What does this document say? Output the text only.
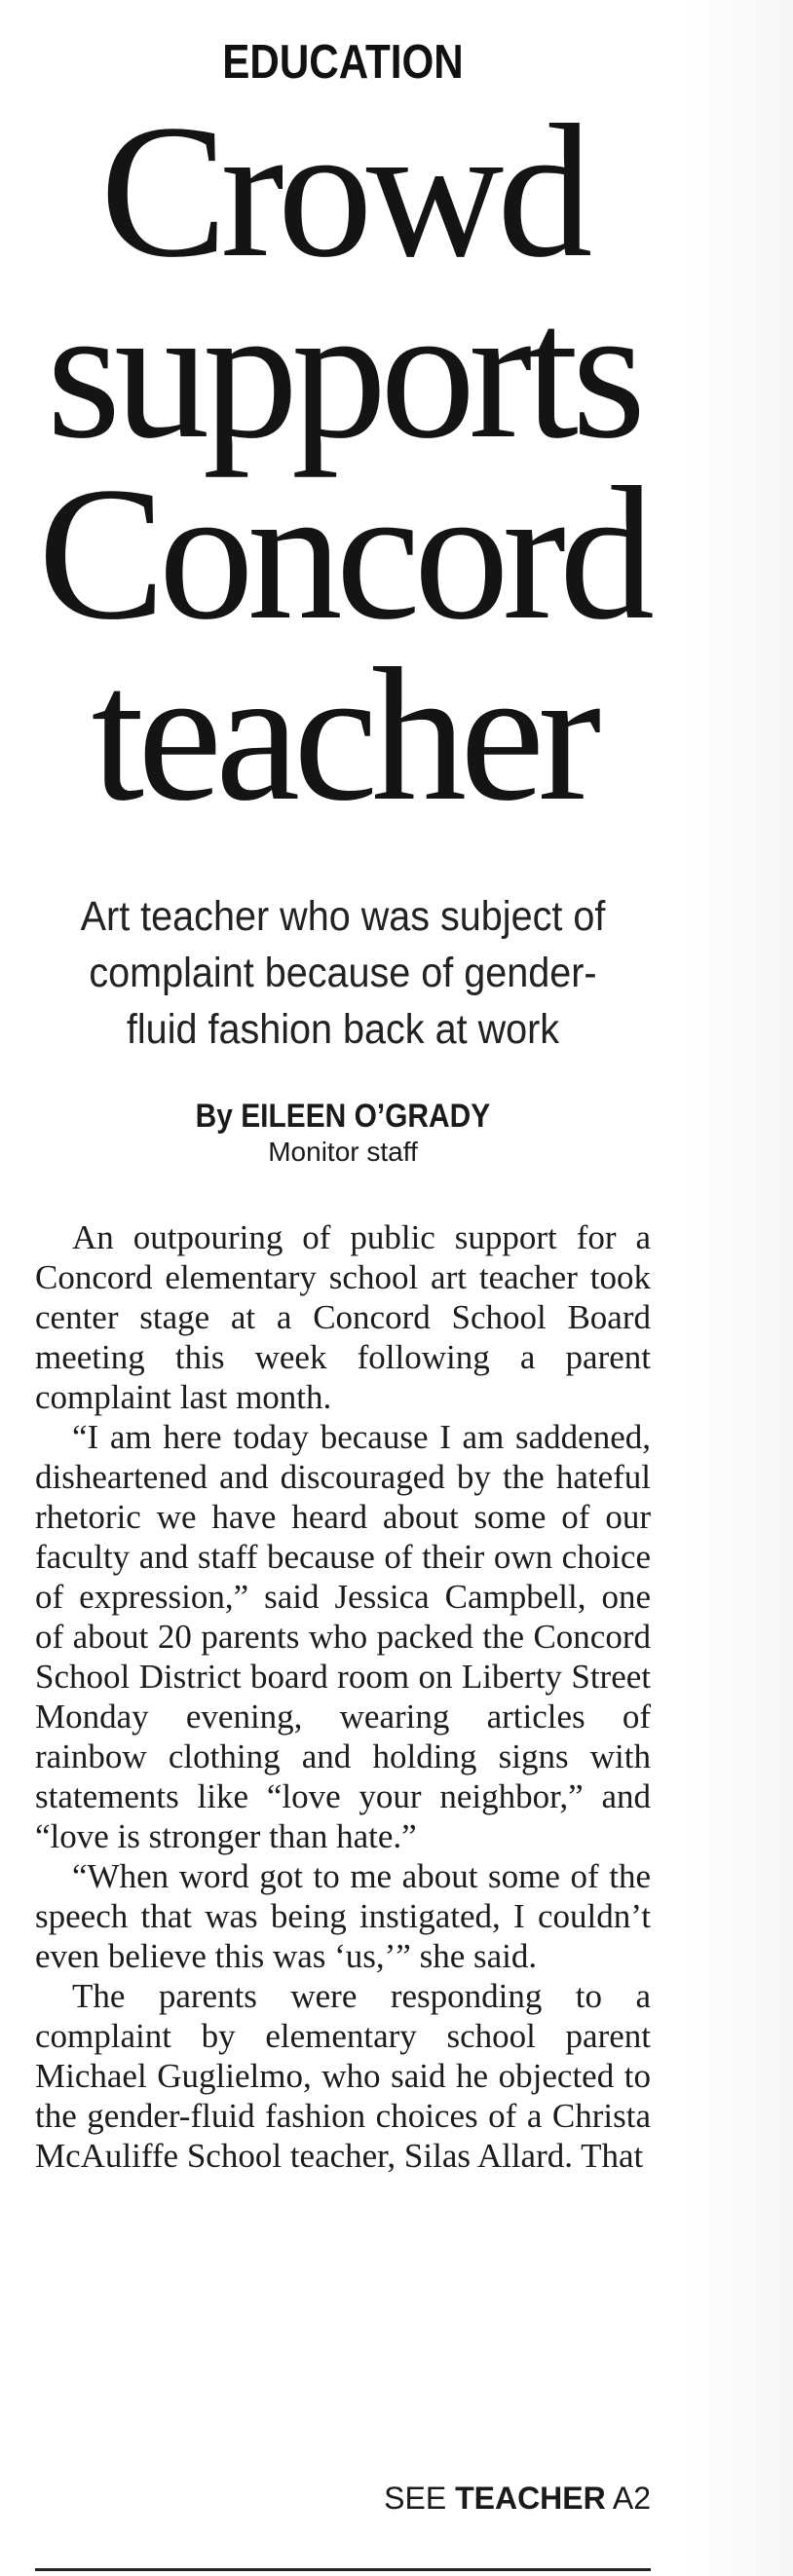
EDUCATION
Crowd
supports
Concord
teacher
Art teacher who was subject of
complaint because of gender-
fluid fashion back at work
By EILEEN O’GRADY
Monitor staff

An outpouring of public support for a Concord elementary school art teacher took center stage at a Concord School Board meeting this week following a parent complaint last month.

“I am here today because I am saddened, disheartened and discouraged by the hateful rhetoric we have heard about some of our faculty and staff because of their own choice of expression,” said Jessica Campbell, one of about 20 parents who packed the Concord School District board room on Liberty Street Monday evening, wearing articles of rainbow clothing and holding signs with statements like “love your neighbor,” and “love is stronger than hate.”

“When word got to me about some of the speech that was being instigated, I couldn’t even believe this was ‘us,’” she said.

The parents were responding to a complaint by elementary school parent Michael Guglielmo, who said he objected to the gender-fluid fashion choices of a Christa McAuliffe School teacher, Silas Allard. That

SEE TEACHER A2
